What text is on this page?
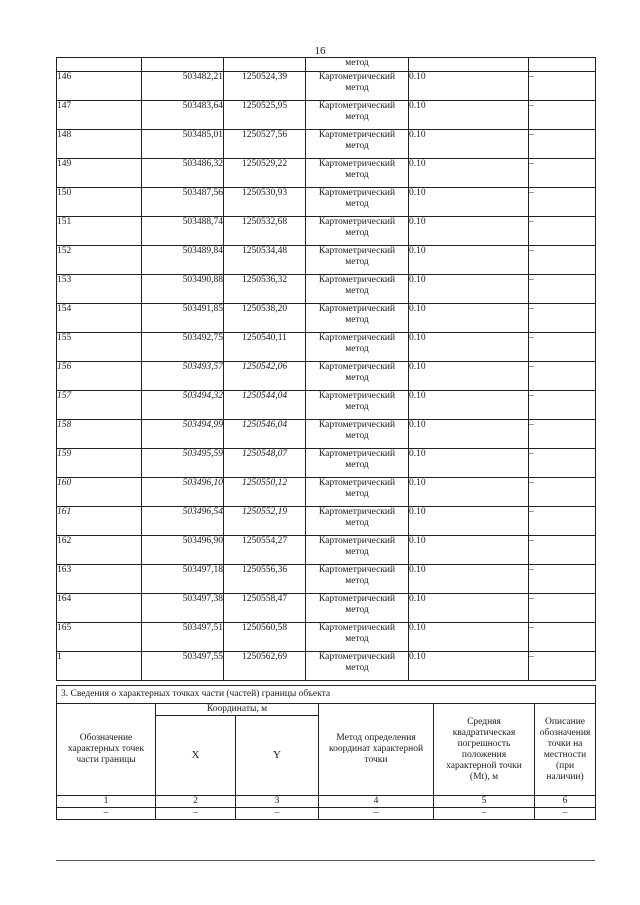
16
			метод		
146	503482,21	1250524,39	Картометрический
метод	0.10	–
147	503483,64	1250525,95	Картометрический
метод	0.10	–
148	503485,01	1250527,56	Картометрический
метод	0.10	–
149	503486,32	1250529,22	Картометрический
метод	0.10	–
150	503487,56	1250530,93	Картометрический
метод	0.10	–
151	503488,74	1250532,68	Картометрический
метод	0.10	–
152	503489,84	1250534,48	Картометрический
метод	0.10	–
153	503490,88	1250536,32	Картометрический
метод	0.10	–
154	503491,85	1250538,20	Картометрический
метод	0.10	–
155	503492,75	1250540,11	Картометрический
метод	0.10	–
156	503493,57	1250542,06	Картометрический
метод	0.10	–
157	503494,32	1250544,04	Картометрический
метод	0.10	–
158	503494,99	1250546,04	Картометрический
метод	0.10	–
159	503495,59	1250548,07	Картометрический
метод	0.10	–
160	503496,10	1250550,12	Картометрический
метод	0.10	–
161	503496,54	1250552,19	Картометрический
метод	0.10	–
162	503496,90	1250554,27	Картометрический
метод	0.10	–
163	503497,18	1250556,36	Картометрический
метод	0.10	–
164	503497,38	1250558,47	Картометрический
метод	0.10	–
165	503497,51	1250560,58	Картометрический
метод	0.10	–
1	503497,55	1250562,69	Картометрический
метод	0.10	–
3. Сведения о характерных точках части (частей) границы объекта					
Обозначение характерных точек части границы	Координаты, м		Метод определения координат характерной точки	Средняя квадратическая погрешность положения характерной точки (Mt), м	Описание обозначения точки на местности (при наличии)
	X	Y			
1	2	3	4	5	6
–	–	–	–	–	–
